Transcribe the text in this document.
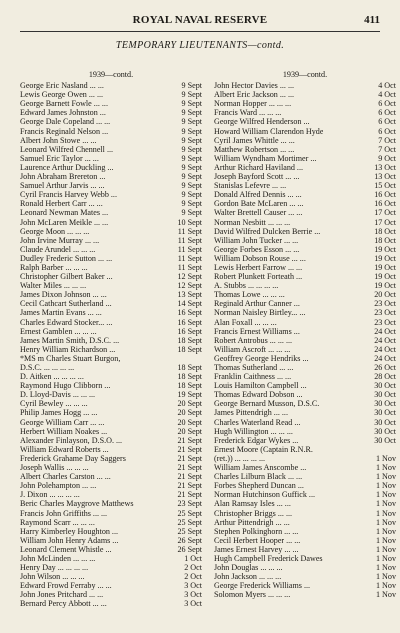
ROYAL NAVAL RESERVE	411
TEMPORARY LIEUTENANTS—contd.
1939—contd.
George Eric Nasland ... ...	9 Sept
Lewis George Owen ... ...	9 Sept
George Barnett Fowle ... ...	9 Sept
Edward James Johnston ...	9 Sept
George Dale Copeland ... ...	9 Sept
Francis Reginald Nelson ...	9 Sept
Albert John Stowe ... ...	9 Sept
Leonard Wilfred Chennell ...	9 Sept
Samuel Eric Taylor ... ...	9 Sept
Laurence Arthur Duckling ...	9 Sept
John Abraham Brereton ...	9 Sept
Samuel Arthur Jarvis ... ...	9 Sept
Cyril Francis Harvey Webb ...	9 Sept
Ronald Herbert Carr ... ...	9 Sept
Leonard Newman Mates ...	9 Sept
John McLaren Meikle ... ...	10 Sept
George Moon ... ... ...	11 Sept
John Irvine Murray ... ...	11 Sept
Claude Arundel ... ... ...	11 Sept
Dudley Frederic Sutton ... ...	11 Sept
Ralph Barber ... ... ...	11 Sept
Christopher Gilbert Baker ...	12 Sept
Walter Miles ... ... ...	12 Sept
James Dixon Johnson ... ...	13 Sept
Cecil Cathcart Sutherland ...	14 Sept
James Martin Evans ... ...	16 Sept
Charles Edward Stocker... ...	16 Sept
Ernest Gamblen ... ... ...	16 Sept
James Martin Smith, D.S.C. ...	18 Sept
Henry William Richardson ...	18 Sept
*MS m Charles Stuart Burgon,
D.S.C. ... ... ... ...	18 Sept
D. Aitken ... ... ... ...	18 Sept
Raymond Hugo Clibborn ...	18 Sept
D. Lloyd-Davis ... ... ...	19 Sept
Cyril Bewley ... ... ...	20 Sept
Philip James Hogg ... ...	20 Sept
George William Carr ... ...	20 Sept
Herbert William Noakes ...	20 Sept
Alexander Finlayson, D.S.O. ...	21 Sept
William Edward Roberts ...	21 Sept
Frederick Grahame Day Saggers	21 Sept
Joseph Wallis ... ... ...	21 Sept
Albert Charles Carston ... ...	21 Sept
John Polehampton ... ...	21 Sept
J. Dixon ... ... ... ...	21 Sept
Beric Charles Maygrove Matthews	23 Sept
Francis John Griffiths ... ...	25 Sept
Raymond Scarr ... ... ...	25 Sept
Harry Kimberley Houghton ...	25 Sept
William John Henry Adams ...	26 Sept
Leonard Clement Whistle ...	26 Sept
John McLinden ... ... ...	1 Oct
Henry Day ... ... ... ...	2 Oct
John Wilson ... ... ...	2 Oct
Edward Frowd Ferraby ... ...	3 Oct
John Jones Pritchard ... ...	3 Oct
Bernard Percy Abbott ... ...	3 Oct
1939—contd.
John Hector Davies ... ...	4 Oct
Albert Eric Jackson ... ...	4 Oct
Norman Hopper ... ... ...	6 Oct
Francis Ward ... ... ...	6 Oct
George Wilfred Henderson ...	6 Oct
Howard William Clarendon Hyde	6 Oct
Cyril James Whittle ... ...	7 Oct
Matthew Robertson ... ...	7 Oct
William Wyndham Mortimer ...	9 Oct
Arthur Richard Haviland ...	13 Oct
Joseph Bayford Scott ... ...	13 Oct
Stanislas Lefevre ... ...	15 Oct
Donald Alfred Dennis ... ...	16 Oct
Gordon Bate McLaren ... ...	16 Oct
Walter Brettell Causer ... ...	17 Oct
Norman Nesbitt ... ... ...	17 Oct
David Wilfred Dulcken Berrie ...	18 Oct
William John Tucker ... ...	18 Oct
George Forbes Esson ... ...	19 Oct
William Dobson Rouse ... ...	19 Oct
Lewis Herbert Farrow ... ...	19 Oct
Robert Plunkett Forteath ...	19 Oct
A. Stubbs ... ... ... ...	19 Oct
Thomas Lowe ... ... ...	20 Oct
Reginald Arthur Canner ...	23 Oct
Norman Naisley Birtley... ...	23 Oct
Alan Foxall ... ... ...	23 Oct
Francis Ernest Williams ...	24 Oct
Robert Antrobus ... ... ...	24 Oct
William Ascroft ... ... ...	24 Oct
Geoffrey George Hendriks ...	24 Oct
Thomas Sutherland ... ...	26 Oct
Franklin Caithness ... ...	28 Oct
Louis Hamilton Campbell ...	30 Oct
Thomas Edward Dobson ...	30 Oct
George Bernard Musson, D.S.C.	30 Oct
James Pittendrigh ... ...	30 Oct
Charles Waterland Read ...	30 Oct
Hugh Willington ... ... ...	30 Oct
Frederick Edgar Wykes ...	30 Oct
Ernest Moore (Captain R.N.R.
(ret.)) ... ... ... ...	1 Nov
William James Anscombe ...	1 Nov
Charles Lilburn Black ... ...	1 Nov
Forbes Shepherd Duncan ...	1 Nov
Norman Hutchinson Guffick ...	1 Nov
Alan Ramsay Isles ... ...	1 Nov
Christopher Briggs ... ...	1 Nov
Arthur Pittendrigh ... ...	1 Nov
Stephen Polkinghorn ... ...	1 Nov
Cecil Herbert Hooper ... ...	1 Nov
James Ernest Harvey ... ...	1 Nov
Hugh Campbell Frederick Dawes	1 Nov
John Douglas ... ... ...	1 Nov
John Jackson ... ... ...	1 Nov
George Frederick Williams ...	1 Nov
Solomon Myers ... ... ...	1 Nov
